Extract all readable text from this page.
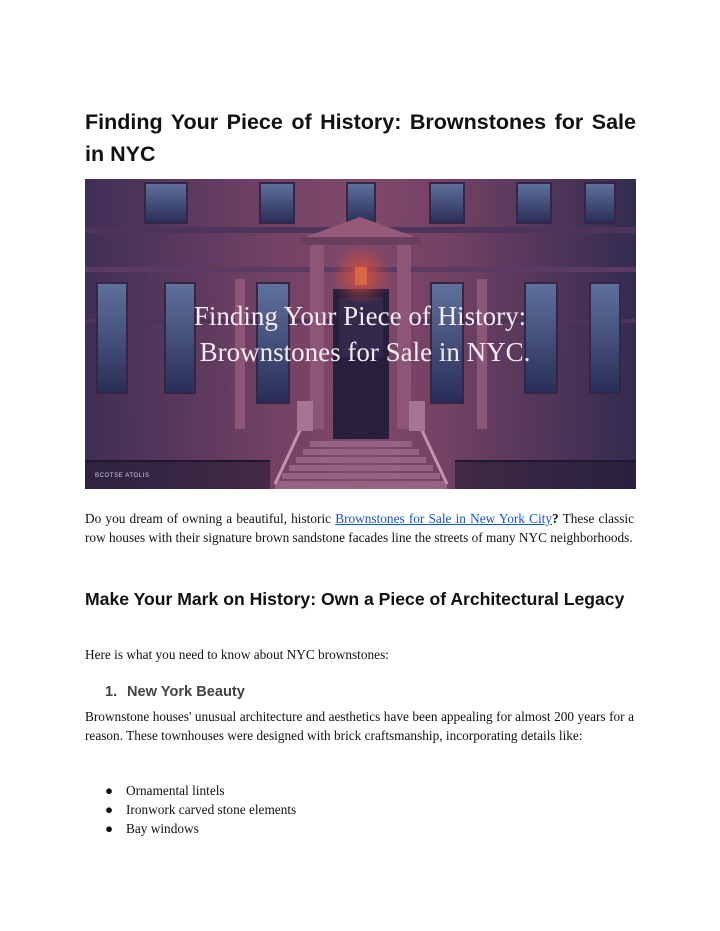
Finding Your Piece of History: Brownstones for Sale in NYC
Finding Your Piece of History:
Brownstones for Sale in NYC.
BCOTSE ATOLIS

Do you dream of owning a beautiful, historic Brownstones for Sale in New York City? These classic row houses with their signature brown sandstone facades line the streets of many NYC neighborhoods.

Make Your Mark on History: Own a Piece of Architectural Legacy

Here is what you need to know about NYC brownstones:

1. New York Beauty

Brownstone houses' unusual architecture and aesthetics have been appealing for almost 200 years for a reason. These townhouses were designed with brick craftsmanship, incorporating details like:

● Ornamental lintels
● Ironwork carved stone elements
● Bay windows
